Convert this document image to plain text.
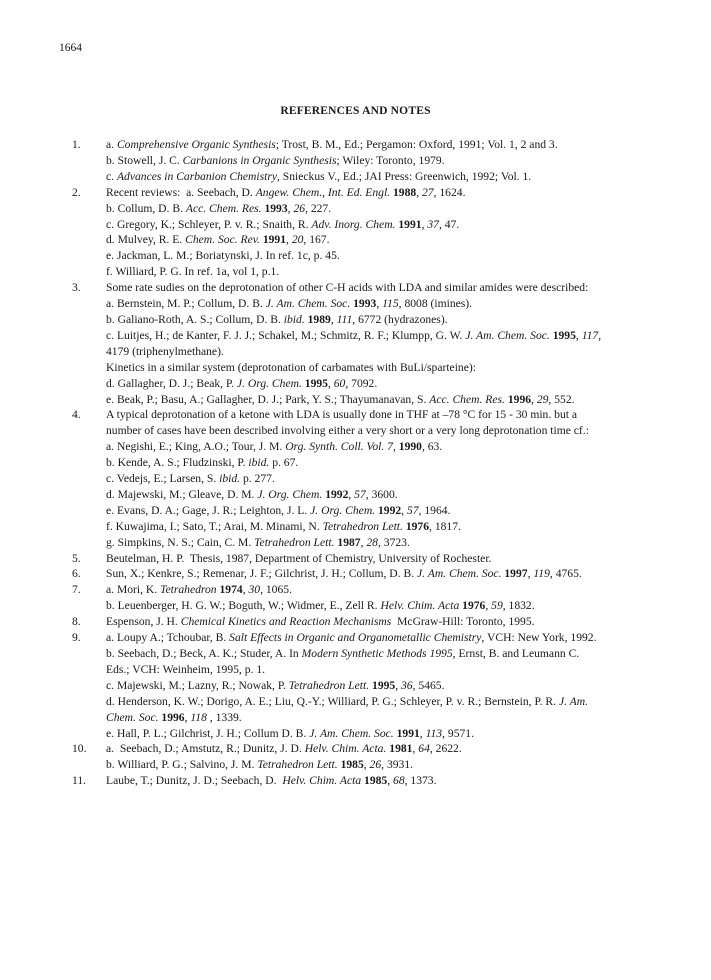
1664
REFERENCES AND NOTES
1.	a. Comprehensive Organic Synthesis; Trost, B. M., Ed.; Pergamon: Oxford, 1991; Vol. 1, 2 and 3.
b. Stowell, J. C. Carbanions in Organic Synthesis; Wiley: Toronto, 1979.
c. Advances in Carbanion Chemistry, Snieckus V., Ed.; JAI Press: Greenwich, 1992; Vol. 1.
2.	Recent reviews:  a. Seebach, D. Angew. Chem., Int. Ed. Engl. 1988, 27, 1624.
b. Collum, D. B. Acc. Chem. Res. 1993, 26, 227.
c. Gregory, K.; Schleyer, P. v. R.; Snaith, R. Adv. Inorg. Chem. 1991, 37, 47.
d. Mulvey, R. E. Chem. Soc. Rev. 1991, 20, 167.
e. Jackman, L. M.; Boriatynski, J. In ref. 1c, p. 45.
f. Williard, P. G. In ref. 1a, vol 1, p.1.
3.	Some rate sudies on the deprotonation of other C-H acids with LDA and similar amides were described:
a. Bernstein, M. P.; Collum, D. B. J. Am. Chem. Soc. 1993, 115, 8008 (imines).
b. Galiano-Roth, A. S.; Collum, D. B. ibid. 1989, 111, 6772 (hydrazones).
c. Luitjes, H.; de Kanter, F. J. J.; Schakel, M.; Schmitz, R. F.; Klumpp, G. W. J. Am. Chem. Soc. 1995, 117,
4179 (triphenylmethane).
Kinetics in a similar system (deprotonation of carbamates with BuLi/sparteine):
d. Gallagher, D. J.; Beak, P. J. Org. Chem. 1995, 60, 7092.
e. Beak, P.; Basu, A.; Gallagher, D. J.; Park, Y. S.; Thayumanavan, S. Acc. Chem. Res. 1996, 29, 552.
4.	A typical deprotonation of a ketone with LDA is usually done in THF at –78 °C for 15 - 30 min. but a
number of cases have been described involving either a very short or a very long deprotonation time cf.:
a. Negishi, E.; King, A.O.; Tour, J. M. Org. Synth. Coll. Vol. 7, 1990, 63.
b. Kende, A. S.; Fludzinski, P. ibid. p. 67.
c. Vedejs, E.; Larsen, S. ibid. p. 277.
d. Majewski, M.; Gleave, D. M. J. Org. Chem. 1992, 57, 3600.
e. Evans, D. A.; Gage, J. R.; Leighton, J. L. J. Org. Chem. 1992, 57, 1964.
f. Kuwajima, I.; Sato, T.; Arai, M. Minami, N. Tetrahedron Lett. 1976, 1817.
g. Simpkins, N. S.; Cain, C. M. Tetrahedron Lett. 1987, 28, 3723.
5.	Beutelman, H. P.  Thesis, 1987, Department of Chemistry, University of Rochester.
6.	Sun, X.; Kenkre, S.; Remenar, J. F.; Gilchrist, J. H.; Collum, D. B. J. Am. Chem. Soc. 1997, 119, 4765.
7.	a. Mori, K. Tetrahedron 1974, 30, 1065.
b. Leuenberger, H. G. W.; Boguth, W.; Widmer, E., Zell R. Helv. Chim. Acta 1976, 59, 1832.
8.	Espenson, J. H. Chemical Kinetics and Reaction Mechanisms  McGraw-Hill: Toronto, 1995.
9.	a. Loupy A.; Tchoubar, B. Salt Effects in Organic and Organometallic Chemistry, VCH: New York, 1992.
b. Seebach, D.; Beck, A. K.; Studer, A. In Modern Synthetic Methods 1995, Ernst, B. and Leumann C.
Eds.; VCH: Weinheim, 1995, p. 1.
c. Majewski, M.; Lazny, R.; Nowak, P. Tetrahedron Lett. 1995, 36, 5465.
d. Henderson, K. W.; Dorigo, A. E.; Liu, Q.-Y.; Williard, P. G.; Schleyer, P. v. R.; Bernstein, P. R. J. Am.
Chem. Soc. 1996, 118 , 1339.
e. Hall, P. L.; Gilchrist, J. H.; Collum D. B. J. Am. Chem. Soc. 1991, 113, 9571.
10.	a.  Seebach, D.; Amstutz, R.; Dunitz, J. D. Helv. Chim. Acta. 1981, 64, 2622.
b. Williard, P. G.; Salvino, J. M. Tetrahedron Lett. 1985, 26, 3931.
11.	Laube, T.; Dunitz, J. D.; Seebach, D.  Helv. Chim. Acta 1985, 68, 1373.
